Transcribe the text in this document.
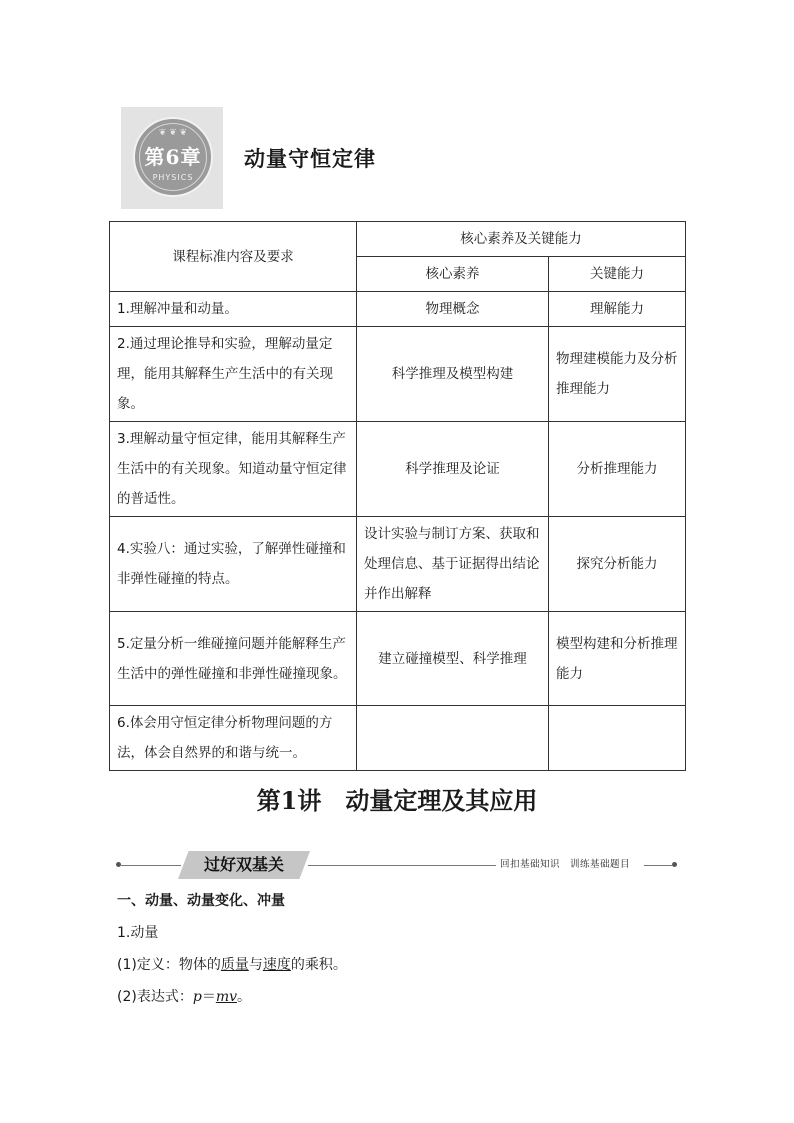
❦ ❦ ❦
第6章
PHYSICS
动量守恒定律
课程标准内容及要求	核心素养及关键能力	
	核心素养	关键能力
1.理解冲量和动量。	物理概念	理解能力
2.通过理论推导和实验，理解动量定理，能用其解释生产生活中的有关现象。	科学推理及模型构建	物理建模能力及分析推理能力
3.理解动量守恒定律，能用其解释生产生活中的有关现象。知道动量守恒定律的普适性。	科学推理及论证	分析推理能力
4.实验八：通过实验，了解弹性碰撞和非弹性碰撞的特点。	设计实验与制订方案、获取和处理信息、基于证据得出结论并作出解释	探究分析能力
5.定量分析一维碰撞问题并能解释生产生活中的弹性碰撞和非弹性碰撞现象。	建立碰撞模型、科学推理	模型构建和分析推理能力
6.体会用守恒定律分析物理问题的方法，体会自然界的和谐与统一。		
第1讲　动量定理及其应用
过好双基关	回扣基础知识　训练基础题目
一、动量、动量变化、冲量
1.动量
(1)定义：物体的质量与速度的乘积。
(2)表达式：p＝mv。
